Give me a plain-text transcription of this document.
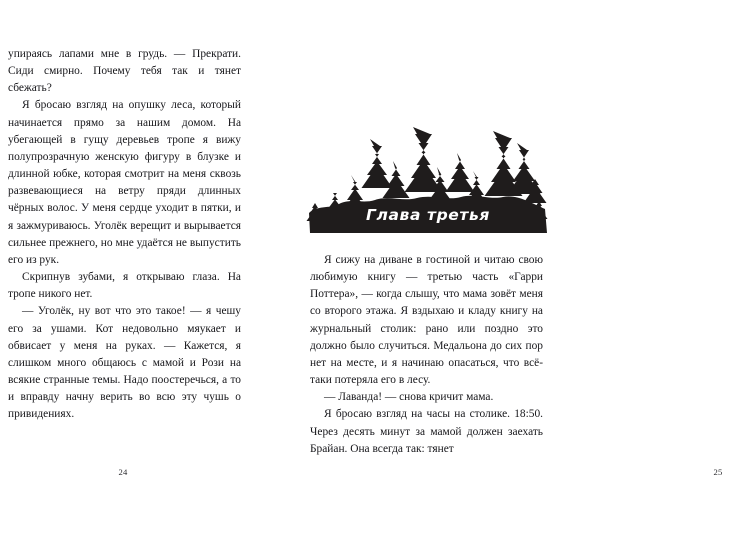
упираясь лапами мне в грудь. — Прекрати. Сиди смирно. Почему тебя так и тянет сбежать?

Я бросаю взгляд на опушку леса, который начинается прямо за нашим домом. На убегающей в гущу деревьев тропе я вижу полупрозрачную женскую фигуру в блузке и длинной юбке, которая смотрит на меня сквозь развевающиеся на ветру пряди длинных чёрных волос. У меня сердце уходит в пятки, и я зажмуриваюсь. Уголёк верещит и вырывается сильнее прежнего, но мне удаётся не выпустить его из рук.

Скрипнув зубами, я открываю глаза. На тропе никого нет.

— Уголёк, ну вот что это такое! — я чешу его за ушами. Кот недовольно мяукает и обвисает у меня на руках. — Кажется, я слишком много общаюсь с мамой и Рози на всякие странные темы. Надо поостеречься, а то и вправду начну верить во всю эту чушь о привидениях.

24
Глава третья

Я сижу на диване в гостиной и читаю свою любимую книгу — третью часть «Гарри Поттера», — когда слышу, что мама зовёт меня со второго этажа. Я вздыхаю и кладу книгу на журнальный столик: рано или поздно это должно было случиться. Медальона до сих пор нет на месте, и я начинаю опасаться, что всё-таки потеряла его в лесу.

— Лаванда! — снова кричит мама.

Я бросаю взгляд на часы на столике. 18:50. Через десять минут за мамой должен заехать Брайан. Она всегда так: тянет

25
